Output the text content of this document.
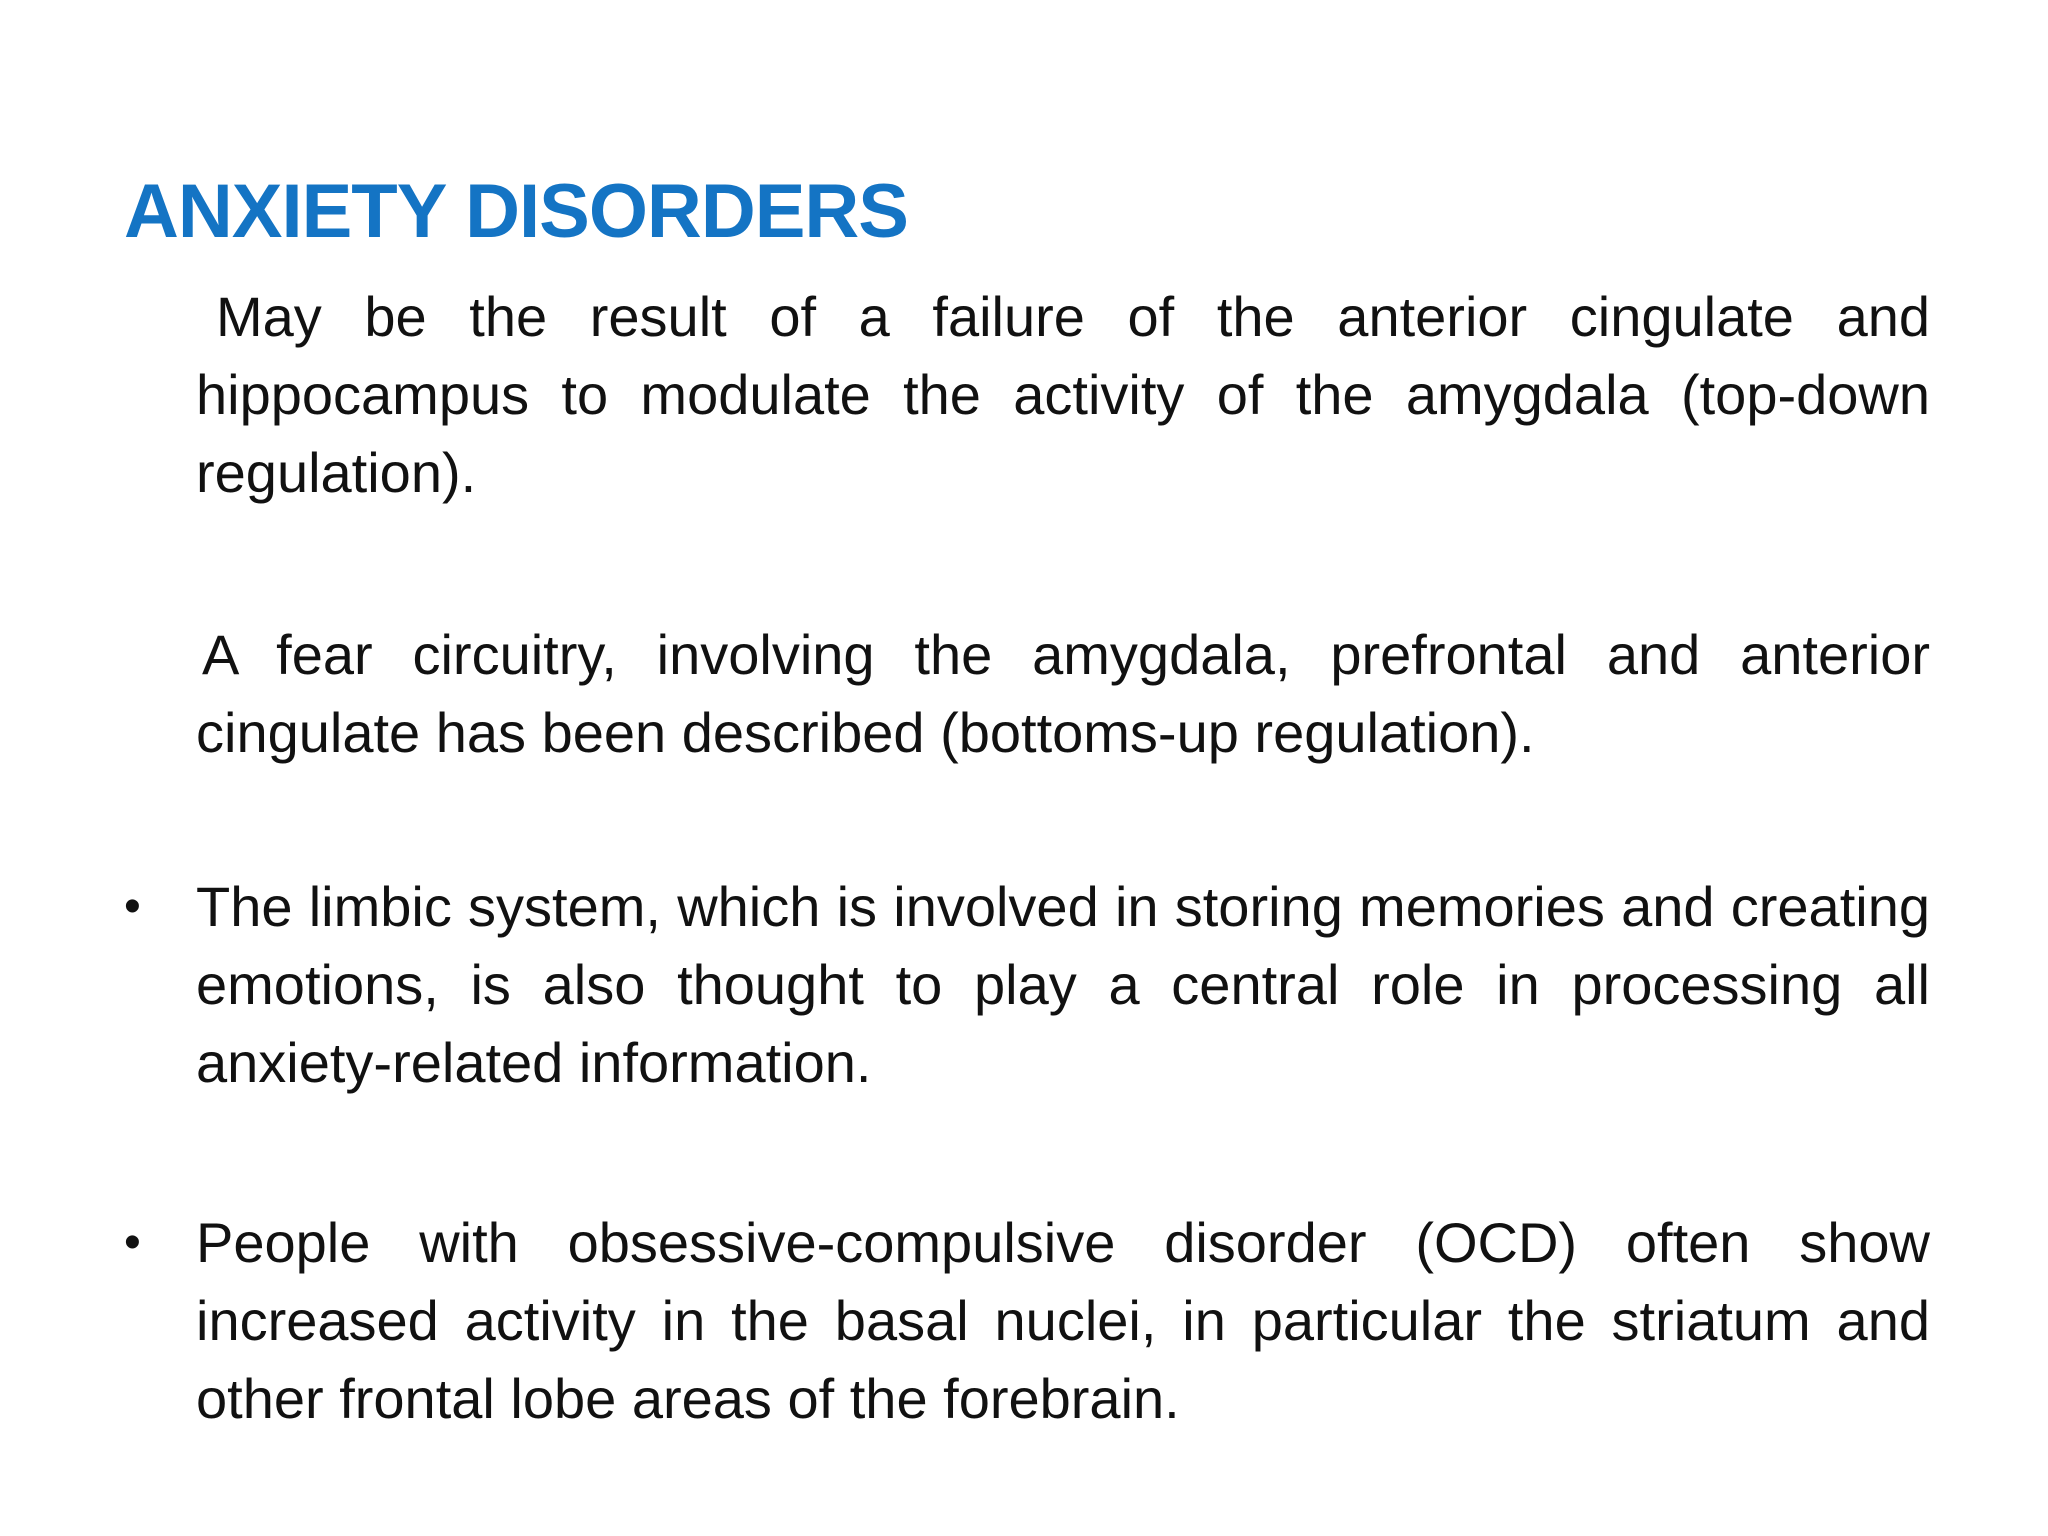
ANXIETY DISORDERS

May be the result of a failure of the anterior cingulate and hippocampus to modulate the activity of the amygdala (top-down regulation).

A fear circuitry, involving the amygdala, prefrontal and anterior cingulate has been described (bottoms-up regulation).

• The limbic system, which is involved in storing memories and creating emotions, is also thought to play a central role in processing all anxiety-related information.

• People with obsessive-compulsive disorder (OCD) often show increased activity in the basal nuclei, in particular the striatum and other frontal lobe areas of the forebrain.
